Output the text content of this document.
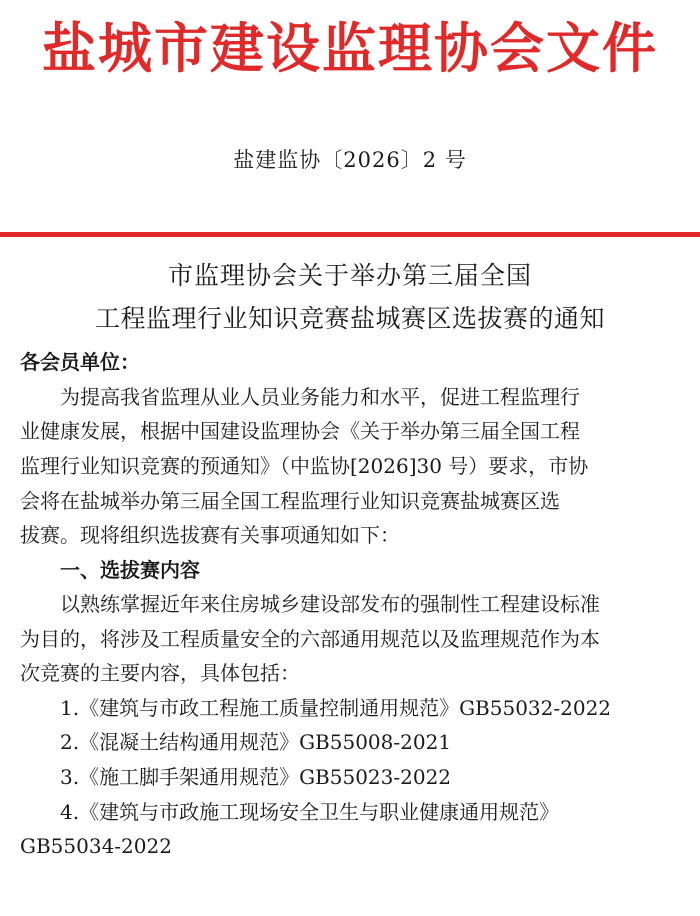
盐城市建设监理协会文件
盐建监协〔2026〕2 号
市监理协会关于举办第三届全国
工程监理行业知识竞赛盐城赛区选拔赛的通知
各会员单位：
为提高我省监理从业人员业务能力和水平，促进工程监理行
业健康发展，根据中国建设监理协会《关于举办第三届全国工程
监理行业知识竞赛的预通知》（中监协[2026]30 号）要求，市协
会将在盐城举办第三届全国工程监理行业知识竞赛盐城赛区选
拔赛。现将组织选拔赛有关事项通知如下：
一、选拔赛内容
以熟练掌握近年来住房城乡建设部发布的强制性工程建设标准
为目的，将涉及工程质量安全的六部通用规范以及监理规范作为本
次竞赛的主要内容，具体包括：
1.《建筑与市政工程施工质量控制通用规范》GB55032-2022
2.《混凝土结构通用规范》GB55008-2021
3.《施工脚手架通用规范》GB55023-2022
4.《建筑与市政施工现场安全卫生与职业健康通用规范》
GB55034-2022
